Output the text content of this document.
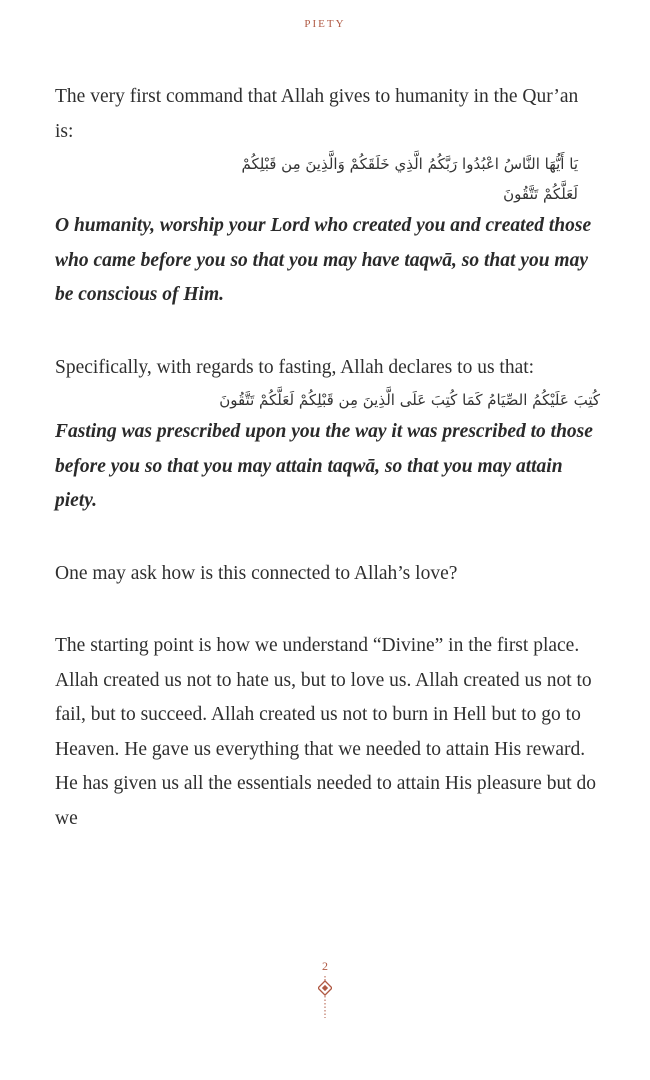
PIETY

The very first command that Allah gives to humanity in the Qur’an is:

يَا أَيُّهَا النَّاسُ اعْبُدُوا رَبَّكُمُ الَّذِي خَلَقَكُمْ وَالَّذِينَ مِن قَبْلِكُمْ

لَعَلَّكُمْ تَتَّقُونَ

O humanity, worship your Lord who created you and created those who came before you so that you may have taqwā, so that you may be conscious of Him.

Specifically, with regards to fasting, Allah declares to us that:

كُتِبَ عَلَيْكُمُ الصِّيَامُ كَمَا كُتِبَ عَلَى الَّذِينَ مِن قَبْلِكُمْ لَعَلَّكُمْ تَتَّقُونَ

Fasting was prescribed upon you the way it was prescribed to those before you so that you may attain taqwā, so that you may attain piety.

One may ask how is this connected to Allah’s love?

The starting point is how we understand “Divine” in the first place. Allah created us not to hate us, but to love us. Allah created us not to fail, but to succeed. Allah created us not to burn in Hell but to go to Heaven. He gave us everything that we needed to attain His reward. He has given us all the essentials needed to attain His pleasure but do we

2
